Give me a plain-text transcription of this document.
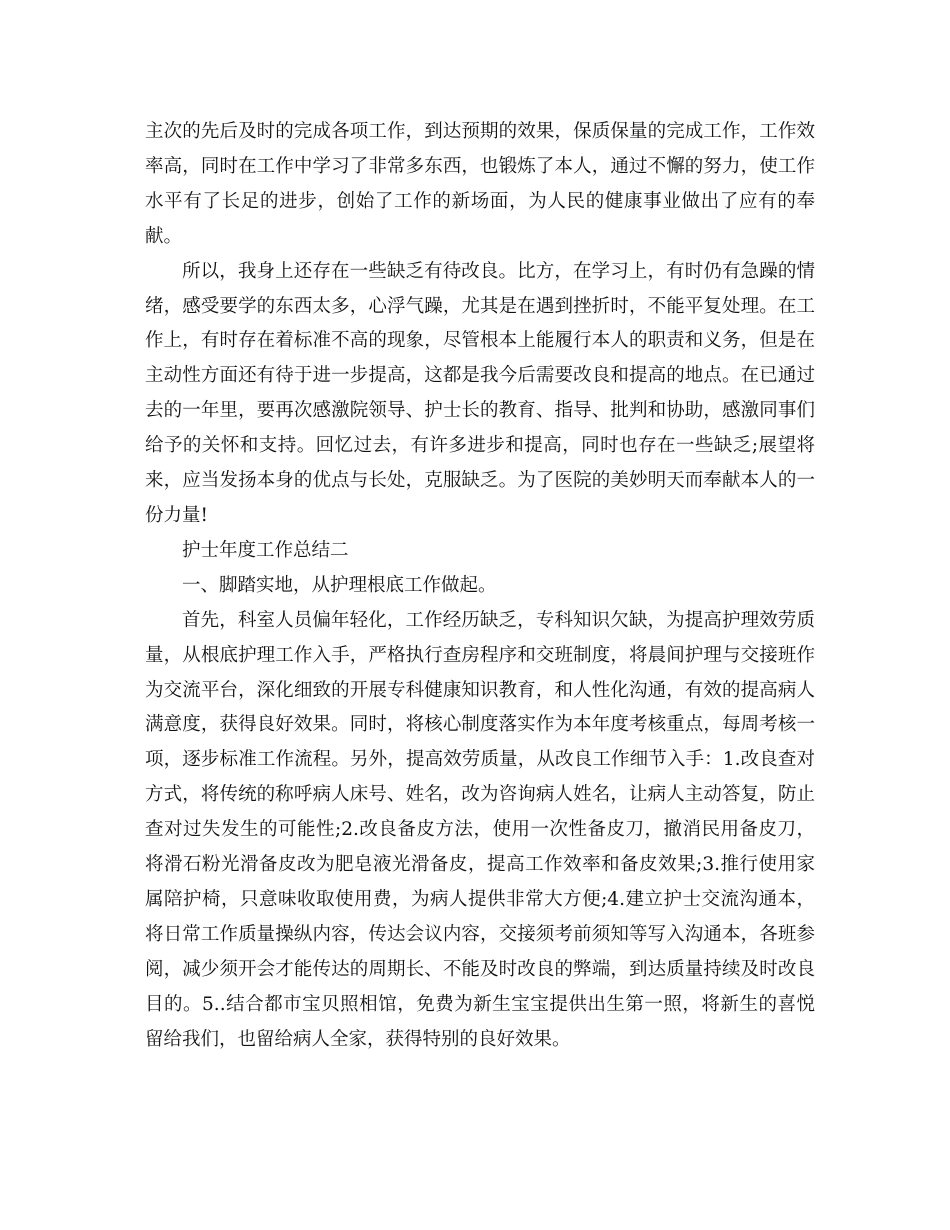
主次的先后及时的完成各项工作，到达预期的效果，保质保量的完成工作，工作效率高，同时在工作中学习了非常多东西，也锻炼了本人，通过不懈的努力，使工作水平有了长足的进步，创始了工作的新场面，为人民的健康事业做出了应有的奉献。

所以，我身上还存在一些缺乏有待改良。比方，在学习上，有时仍有急躁的情绪，感受要学的东西太多，心浮气躁，尤其是在遇到挫折时，不能平复处理。在工作上，有时存在着标准不高的现象，尽管根本上能履行本人的职责和义务，但是在主动性方面还有待于进一步提高，这都是我今后需要改良和提高的地点。在已通过去的一年里，要再次感激院领导、护士长的教育、指导、批判和协助，感激同事们给予的关怀和支持。回忆过去，有许多进步和提高，同时也存在一些缺乏;展望将来，应当发扬本身的优点与长处，克服缺乏。为了医院的美妙明天而奉献本人的一份力量!

护士年度工作总结二

一、脚踏实地，从护理根底工作做起。

首先，科室人员偏年轻化，工作经历缺乏，专科知识欠缺，为提高护理效劳质量，从根底护理工作入手，严格执行查房程序和交班制度，将晨间护理与交接班作为交流平台，深化细致的开展专科健康知识教育，和人性化沟通，有效的提高病人满意度，获得良好效果。同时，将核心制度落实作为本年度考核重点，每周考核一项，逐步标准工作流程。另外，提高效劳质量，从改良工作细节入手：1.改良查对方式，将传统的称呼病人床号、姓名，改为咨询病人姓名，让病人主动答复，防止查对过失发生的可能性;2.改良备皮方法，使用一次性备皮刀，撤消民用备皮刀，将滑石粉光滑备皮改为肥皂液光滑备皮，提高工作效率和备皮效果;3.推行使用家属陪护椅，只意味收取使用费，为病人提供非常大方便;4.建立护士交流沟通本，将日常工作质量操纵内容，传达会议内容，交接须考前须知等写入沟通本，各班参阅，减少须开会才能传达的周期长、不能及时改良的弊端，到达质量持续及时改良目的。5..结合都市宝贝照相馆，免费为新生宝宝提供出生第一照，将新生的喜悦留给我们，也留给病人全家，获得特别的良好效果。
